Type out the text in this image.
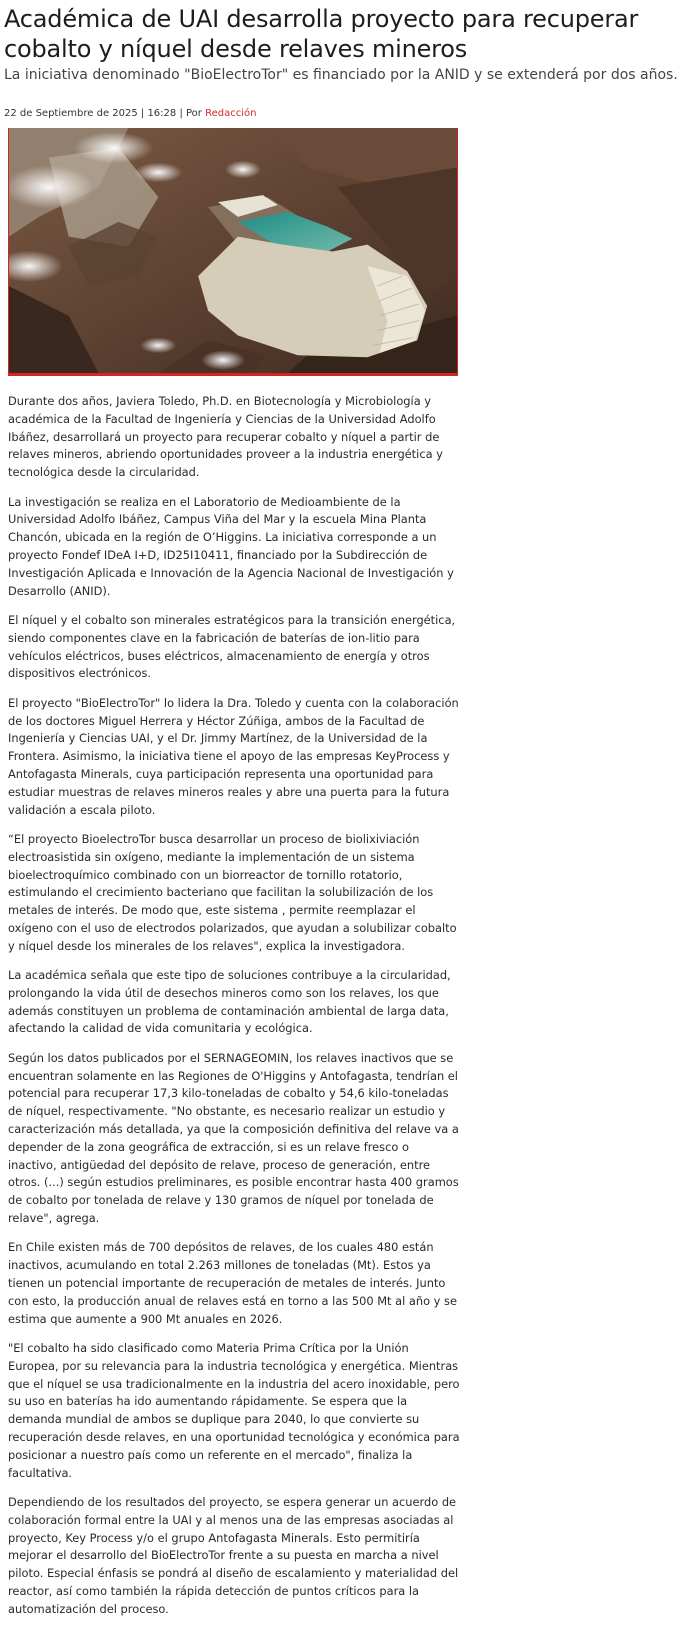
Académica de UAI desarrolla proyecto para recuperar cobalto y níquel desde relaves mineros
La iniciativa denominado "BioElectroTor" es financiado por la ANID y se extenderá por dos años.
22 de Septiembre de 2025 | 16:28 | Por Redacción

Durante dos años, Javiera Toledo, Ph.D. en Biotecnología y Microbiología y académica de la Facultad de Ingeniería y Ciencias de la Universidad Adolfo Ibáñez, desarrollará un proyecto para recuperar cobalto y níquel a partir de relaves mineros, abriendo oportunidades proveer a la industria energética y tecnológica desde la circularidad.

La investigación se realiza en el Laboratorio de Medioambiente de la Universidad Adolfo Ibáñez, Campus Viña del Mar y la escuela Mina Planta Chancón, ubicada en la región de O’Higgins. La iniciativa corresponde a un proyecto Fondef IDeA I+D, ID25I10411, financiado por la Subdirección de Investigación Aplicada e Innovación de la Agencia Nacional de Investigación y Desarrollo (ANID).

El níquel y el cobalto son minerales estratégicos para la transición energética, siendo componentes clave en la fabricación de baterías de ion-litio para vehículos eléctricos, buses eléctricos, almacenamiento de energía y otros dispositivos electrónicos.

El proyecto "BioElectroTor" lo lidera la Dra. Toledo y cuenta con la colaboración de los doctores Miguel Herrera y Héctor Zúñiga, ambos de la Facultad de Ingeniería y Ciencias UAI, y el Dr. Jimmy Martínez, de la Universidad de la Frontera. Asimismo, la iniciativa tiene el apoyo de las empresas KeyProcess y Antofagasta Minerals, cuya participación representa una oportunidad para estudiar muestras de relaves mineros reales y abre una puerta para la futura validación a escala piloto.

“El proyecto BioelectroTor busca desarrollar un proceso de biolixiviación electroasistida sin oxígeno, mediante la implementación de un sistema bioelectroquímico combinado con un biorreactor de tornillo rotatorio, estimulando el crecimiento bacteriano que facilitan la solubilización de los metales de interés. De modo que, este sistema , permite reemplazar el oxígeno con el uso de electrodos polarizados, que ayudan a solubilizar cobalto y níquel desde los minerales de los relaves", explica la investigadora.

La académica señala que este tipo de soluciones contribuye a la circularidad, prolongando la vida útil de desechos mineros como son los relaves, los que además constituyen un problema de contaminación ambiental de larga data, afectando la calidad de vida comunitaria y ecológica.

Según los datos publicados por el SERNAGEOMIN, los relaves inactivos que se encuentran solamente en las Regiones de O'Higgins y Antofagasta, tendrían el potencial para recuperar 17,3 kilo-toneladas de cobalto y 54,6 kilo-toneladas de níquel, respectivamente. "No obstante, es necesario realizar un estudio y caracterización más detallada, ya que la composición definitiva del relave va a depender de la zona geográfica de extracción, si es un relave fresco o inactivo, antigüedad del depósito de relave, proceso de generación, entre otros. (...) según estudios preliminares, es posible encontrar hasta 400 gramos de cobalto por tonelada de relave y 130 gramos de níquel por tonelada de relave", agrega.

En Chile existen más de 700 depósitos de relaves, de los cuales 480 están inactivos, acumulando en total 2.263 millones de toneladas (Mt). Estos ya tienen un potencial importante de recuperación de metales de interés. Junto con esto, la producción anual de relaves está en torno a las 500 Mt al año y se estima que aumente a 900 Mt anuales en 2026.

"El cobalto ha sido clasificado como Materia Prima Crítica por la Unión Europea, por su relevancia para la industria tecnológica y energética. Mientras que el níquel se usa tradicionalmente en la industria del acero inoxidable, pero su uso en baterías ha ido aumentando rápidamente. Se espera que la demanda mundial de ambos se duplique para 2040, lo que convierte su recuperación desde relaves, en una oportunidad tecnológica y económica para posicionar a nuestro país como un referente en el mercado", finaliza la facultativa.

Dependiendo de los resultados del proyecto, se espera generar un acuerdo de colaboración formal entre la UAI y al menos una de las empresas asociadas al proyecto, Key Process y/o el grupo Antofagasta Minerals. Esto permitiría mejorar el desarrollo del BioElectroTor frente a su puesta en marcha a nivel piloto. Especial énfasis se pondrá al diseño de escalamiento y materialidad del reactor, así como también la rápida detección de puntos críticos para la automatización del proceso.
